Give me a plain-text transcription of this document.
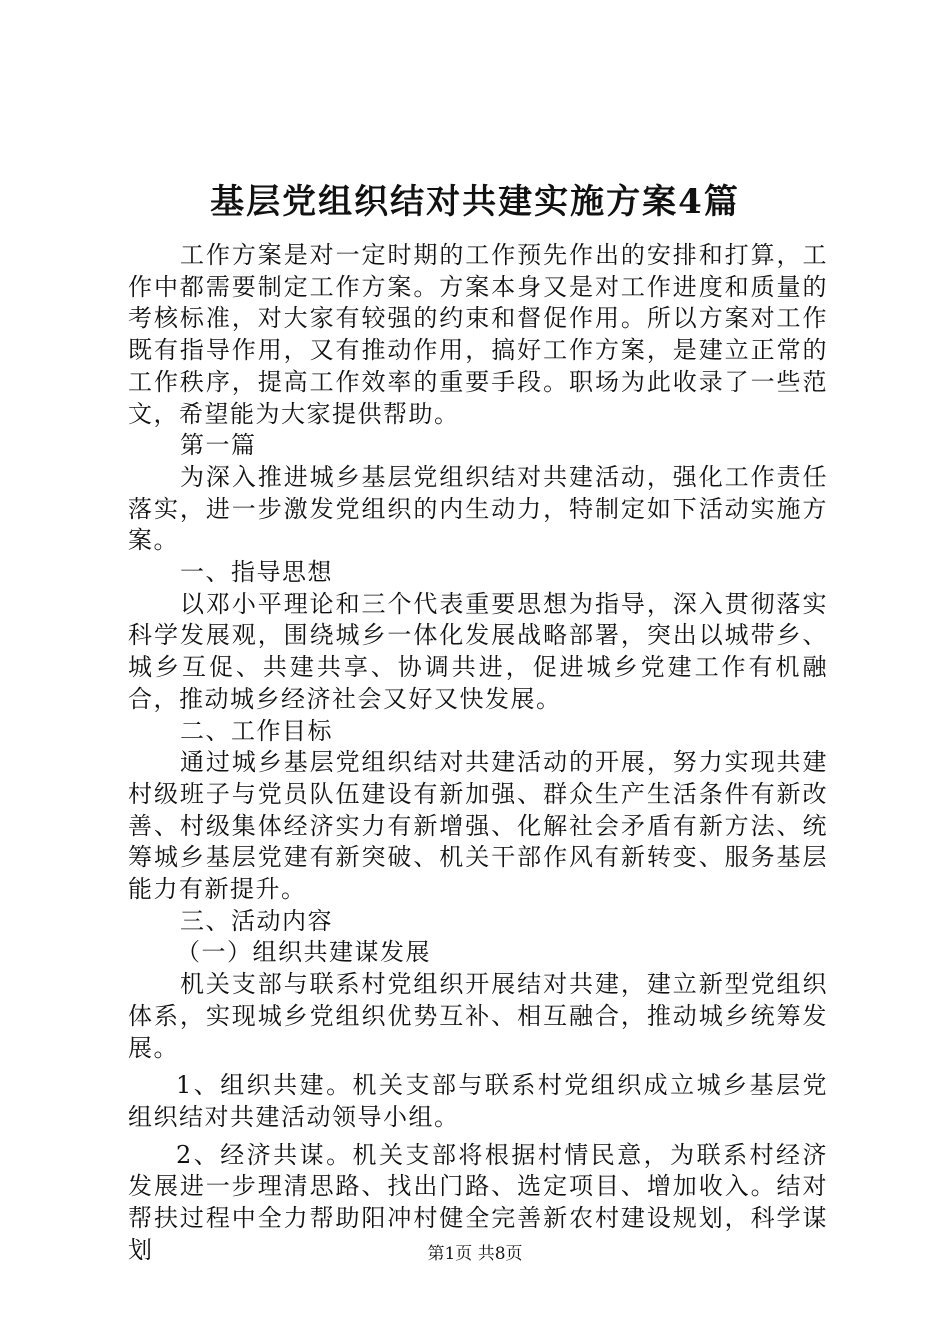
基层党组织结对共建实施方案4篇

工作方案是对一定时期的工作预先作出的安排和打算，工作中都需要制定工作方案。方案本身又是对工作进度和质量的考核标准，对大家有较强的约束和督促作用。所以方案对工作既有指导作用，又有推动作用，搞好工作方案，是建立正常的工作秩序，提高工作效率的重要手段。职场为此收录了一些范文，希望能为大家提供帮助。

第一篇

为深入推进城乡基层党组织结对共建活动，强化工作责任落实，进一步激发党组织的内生动力，特制定如下活动实施方案。

一、指导思想

以邓小平理论和三个代表重要思想为指导，深入贯彻落实科学发展观，围绕城乡一体化发展战略部署，突出以城带乡、城乡互促、共建共享、协调共进，促进城乡党建工作有机融合，推动城乡经济社会又好又快发展。

二、工作目标

通过城乡基层党组织结对共建活动的开展，努力实现共建村级班子与党员队伍建设有新加强、群众生产生活条件有新改善、村级集体经济实力有新增强、化解社会矛盾有新方法、统筹城乡基层党建有新突破、机关干部作风有新转变、服务基层能力有新提升。

三、活动内容

（一）组织共建谋发展

机关支部与联系村党组织开展结对共建，建立新型党组织体系，实现城乡党组织优势互补、相互融合，推动城乡统筹发展。

1、组织共建。机关支部与联系村党组织成立城乡基层党组织结对共建活动领导小组。

2、经济共谋。机关支部将根据村情民意，为联系村经济发展进一步理清思路、找出门路、选定项目、增加收入。结对帮扶过程中全力帮助阳冲村健全完善新农村建设规划，科学谋划	第1页 共8页
